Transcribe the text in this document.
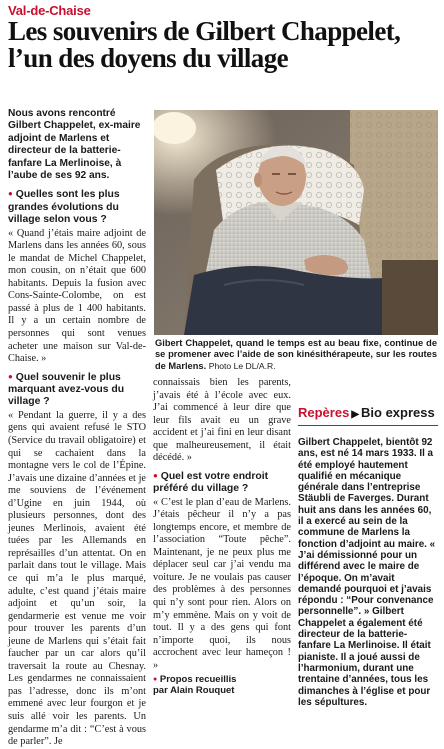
Val-de-Chaise
Les souvenirs de Gilbert Chappelet, l’un des doyens du village

Nous avons rencontré Gilbert Chappelet, ex-maire adjoint de Marlens et directeur de la batterie-fanfare La Merlinoise, à l’aube de ses 92 ans.

● Quelles sont les plus grandes évolutions du village selon vous ?

« Quand j’étais maire adjoint de Marlens dans les années 60, sous le mandat de Michel Chappelet, mon cousin, on n’était que 600 habitants. Depuis la fusion avec Cons-Sainte-Colombe, on est passé à plus de 1 400 habitants. Il y a un certain nombre de personnes qui sont venues acheter une maison sur Val-de-Chaise. »

● Quel souvenir le plus marquant avez-vous du village ?

« Pendant la guerre, il y a des gens qui avaient refusé le STO (Service du travail obligatoire) et qui se cachaient dans la montagne vers le col de l’Épine. J’avais une dizaine d’années et je me souviens de l’événement d’Ugine en juin 1944, où plusieurs personnes, dont des jeunes Merlinois, avaient été tuées par les Allemands en représailles d’un attentat. On en parlait dans tout le village. Mais ce qui m’a le plus marqué, adulte, c’est quand j’étais maire adjoint et qu’un soir, la gendarmerie est venue me voir pour trouver les parents d’un jeune de Marlens qui s’était fait faucher par un car alors qu’il traversait la route au Chesnay. Les gendarmes ne connaissaient pas l’adresse, donc ils m’ont emmené avec leur fourgon et je suis allé voir les parents. Un gendarme m’a dit : “C’est à vous de parler”. Je

Gibert Chappelet, quand le temps est au beau fixe, continue de se promener avec l’aide de son kinésithérapeute, sur les routes de Marlens. Photo Le DL/A.R.

connaissais bien les parents, j’avais été à l’école avec eux. J’ai commencé à leur dire que leur fils avait eu un grave accident et j’ai fini en leur disant que malheureusement, il était décédé. »

● Quel est votre endroit préféré du village ?

« C’est le plan d’eau de Marlens. J’étais pêcheur il n’y a pas longtemps encore, et membre de l’association “Toute pêche”. Maintenant, je ne peux plus me déplacer seul car j’ai vendu ma voiture. Je ne voulais pas causer des problèmes à des personnes qui n’y sont pour rien. Alors on m’y emmène. Mais on y voit de tout. Il y a des gens qui font n’importe quoi, ils nous accrochent avec leur hameçon ! »

● Propos recueillis
par Alain Rouquet

Repères ▶ Bio express
Gilbert Chappelet, bientôt 92 ans, est né 14 mars 1933. Il a été employé hautement qualifié en mécanique générale dans l’entreprise Stäubli de Faverges. Durant huit ans dans les années 60, il a exercé au sein de la commune de Marlens la fonction d’adjoint au maire. « J’ai démissionné pour un différend avec le maire de l’époque. On m’avait demandé pourquoi et j’avais répondu : “Pour convenance personnelle”. » Gilbert Chappelet a également été directeur de la batterie-fanfare La Merlinoise. Il était pianiste. Il a joué aussi de l’harmonium, durant une trentaine d’années, tous les dimanches à l’église et pour les sépultures.
